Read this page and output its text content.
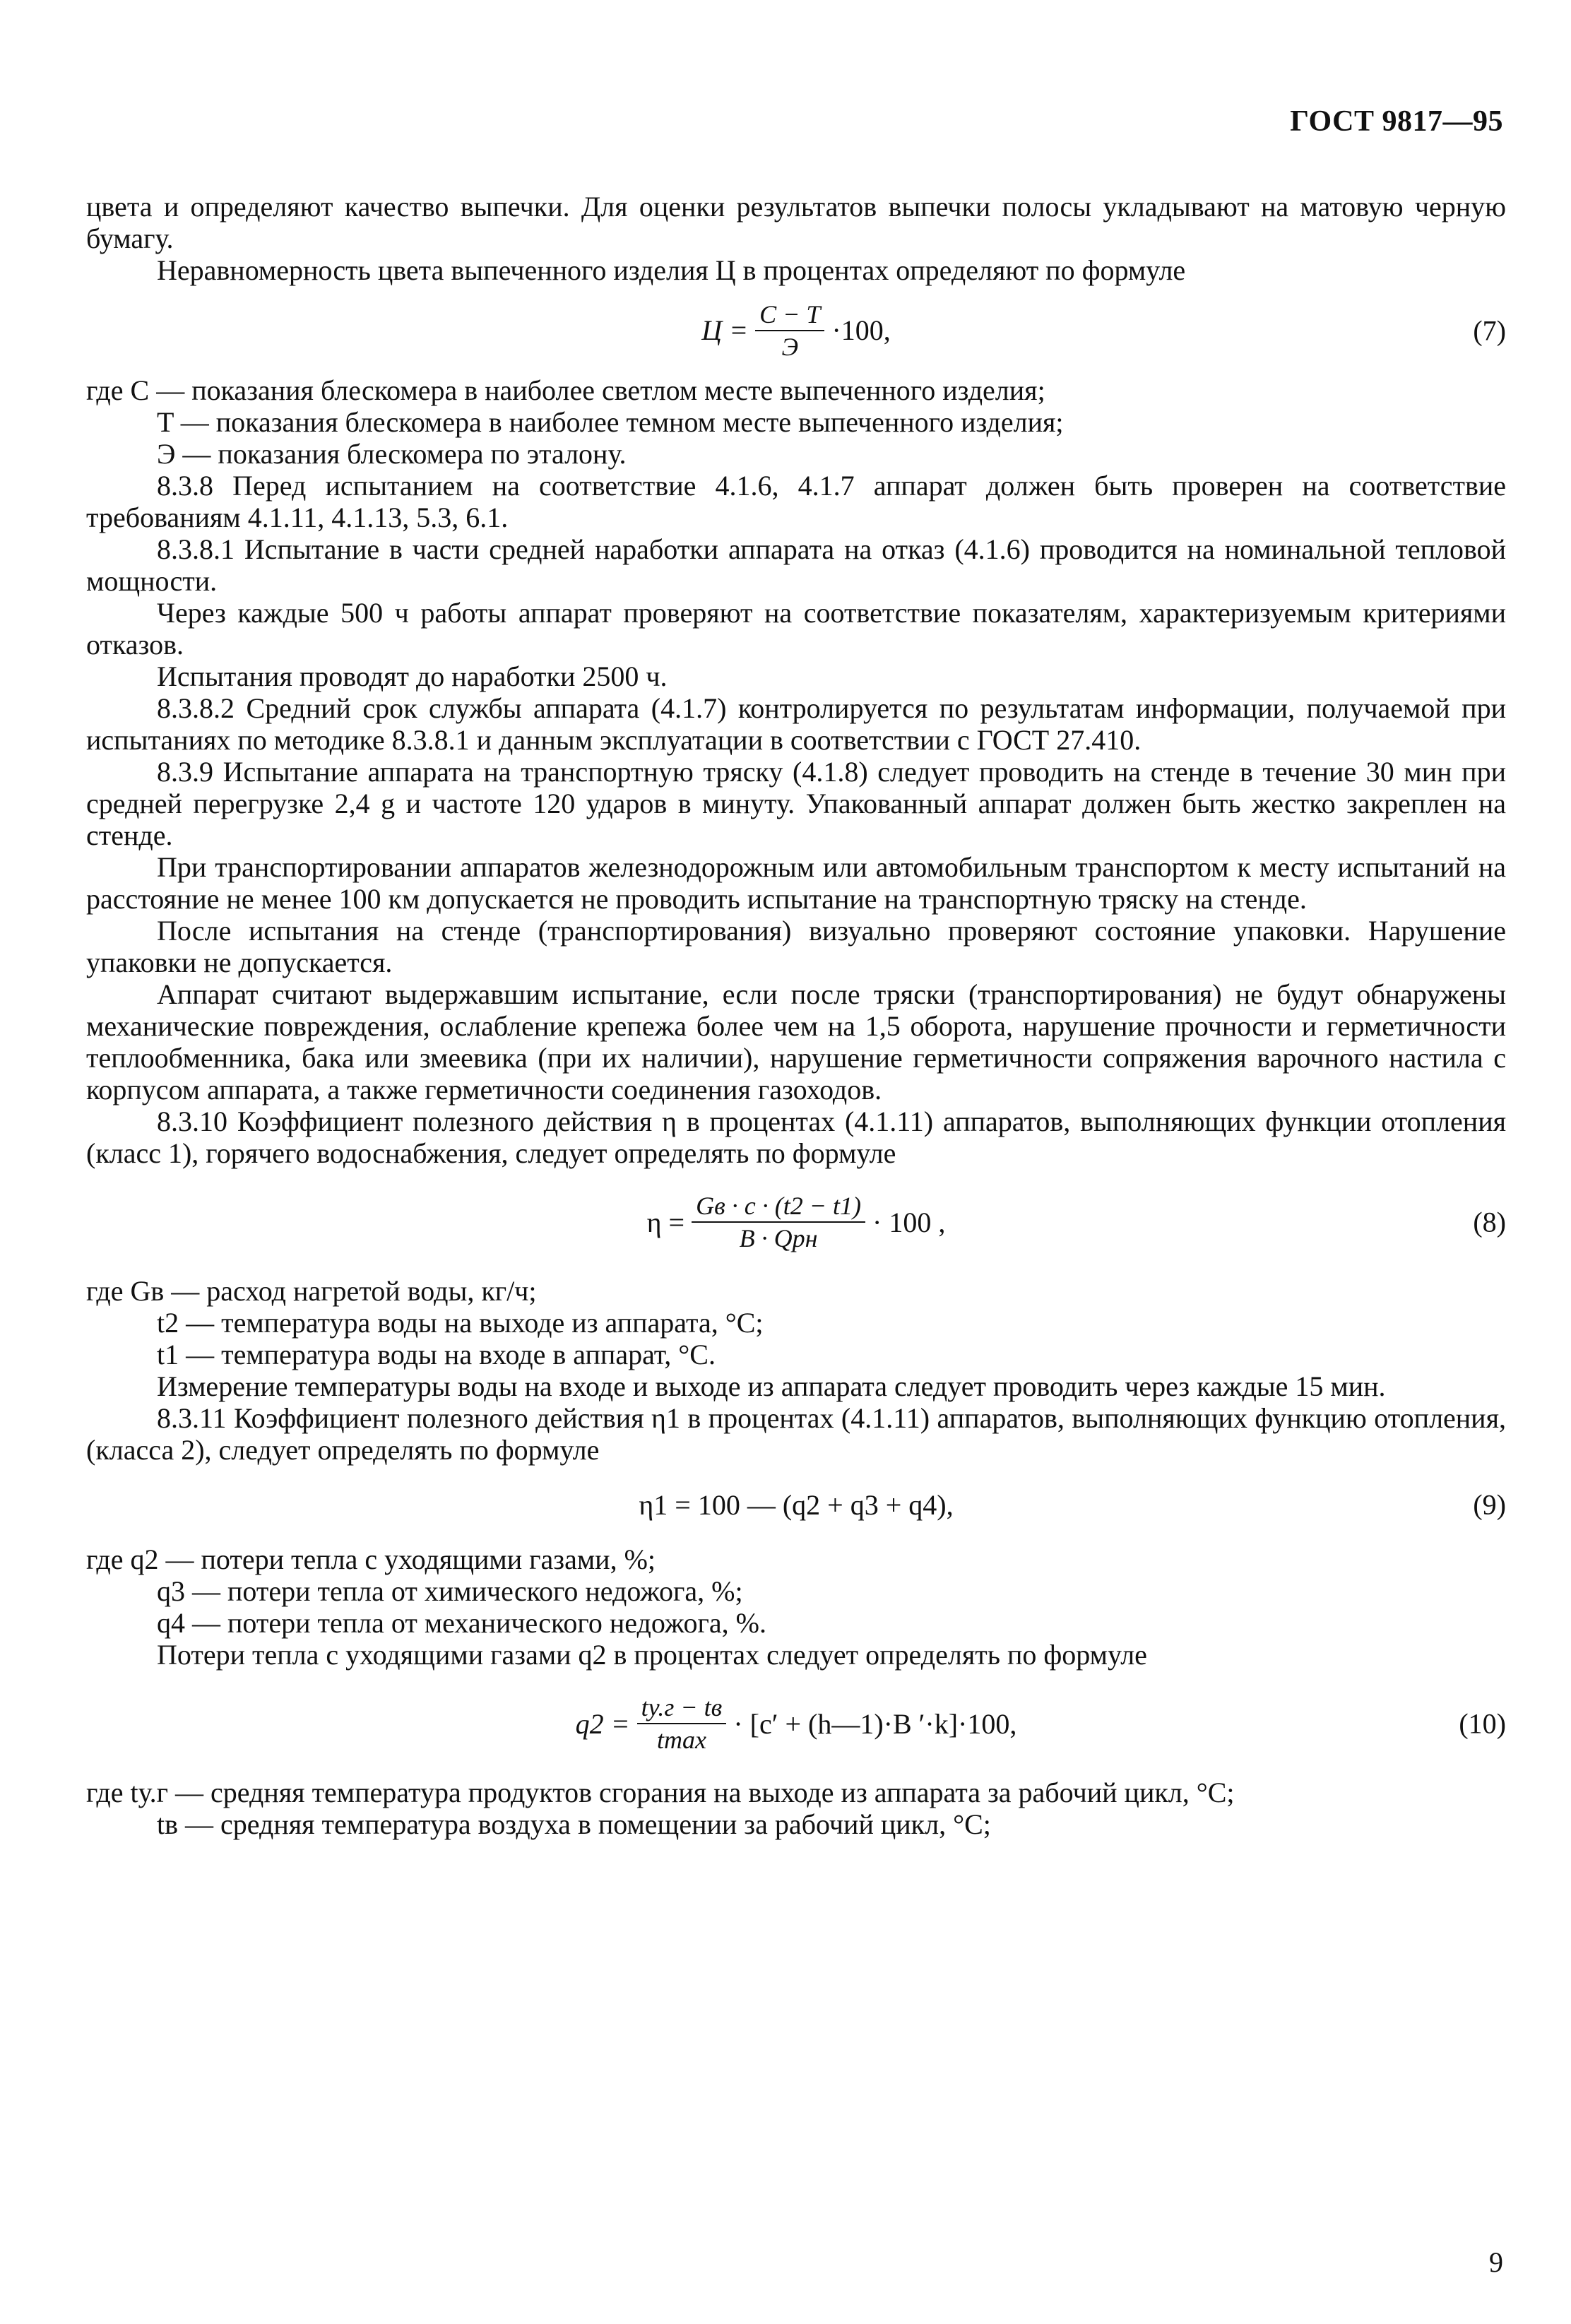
ГОСТ 9817—95

цвета и определяют качество выпечки. Для оценки результатов выпечки полосы укладывают на матовую черную бумагу.

Неравномерность цвета выпеченного изделия Ц в процентах определяют по формуле

$Ц = \frac{C - T}{Э} \cdot 100$,	(7)

где C — показания блескомера в наиболее светлом месте выпеченного изделия;

T — показания блескомера в наиболее темном месте выпеченного изделия;

Э — показания блескомера по эталону.

8.3.8 Перед испытанием на соответствие 4.1.6, 4.1.7 аппарат должен быть проверен на соответствие требованиям 4.1.11, 4.1.13, 5.3, 6.1.

8.3.8.1 Испытание в части средней наработки аппарата на отказ (4.1.6) проводится на номинальной тепловой мощности.

Через каждые 500 ч работы аппарат проверяют на соответствие показателям, характеризуемым критериями отказов.

Испытания проводят до наработки 2500 ч.

8.3.8.2 Средний срок службы аппарата (4.1.7) контролируется по результатам информации, получаемой при испытаниях по методике 8.3.8.1 и данным эксплуатации в соответствии с ГОСТ 27.410.

8.3.9 Испытание аппарата на транспортную тряску (4.1.8) следует проводить на стенде в течение 30 мин при средней перегрузке 2,4 g и частоте 120 ударов в минуту. Упакованный аппарат должен быть жестко закреплен на стенде.

При транспортировании аппаратов железнодорожным или автомобильным транспортом к месту испытаний на расстояние не менее 100 км допускается не проводить испытание на транспортную тряску на стенде.

После испытания на стенде (транспортирования) визуально проверяют состояние упаковки. Нарушение упаковки не допускается.

Аппарат считают выдержавшим испытание, если после тряски (транспортирования) не будут обнаружены механические повреждения, ослабление крепежа более чем на 1,5 оборота, нарушение прочности и герметичности теплообменника, бака или змеевика (при их наличии), нарушение герметичности сопряжения варочного настила с корпусом аппарата, а также герметичности соединения газоходов.

8.3.10 Коэффициент полезного действия η в процентах (4.1.11) аппаратов, выполняющих функции отопления (класс 1), горячего водоснабжения, следует определять по формуле

$\eta = \frac{Gв \cdot c \cdot (t2 - t1)}{\text{B · Qрн}} \cdot 100$ ,	(8)

где Gв — расход нагретой воды, кг/ч;

t2 — температура воды на выходе из аппарата, °С;

t1 — температура воды на входе в аппарат, °С.

Измерение температуры воды на входе и выходе из аппарата следует проводить через каждые 15 мин.

8.3.11 Коэффициент полезного действия η1 в процентах (4.1.11) аппаратов, выполняющих функцию отопления, (класса 2), следует определять по формуле

η1 = 100 — (q2 + q3 + q4),	(9)

где q2 — потери тепла с уходящими газами, %;

q3 — потери тепла от химического недожога, %;

q4 — потери тепла от механического недожога, %.

Потери тепла с уходящими газами q2 в процентах следует определять по формуле

$q2 = \frac{tу.г - tв}{tmax} \cdot [c'$ + (h—1)·B ′·k]·100,	(10)

где tу.г — средняя температура продуктов сгорания на выходе из аппарата за рабочий цикл, °С;

tв — средняя температура воздуха в помещении за рабочий цикл, °С;

9
